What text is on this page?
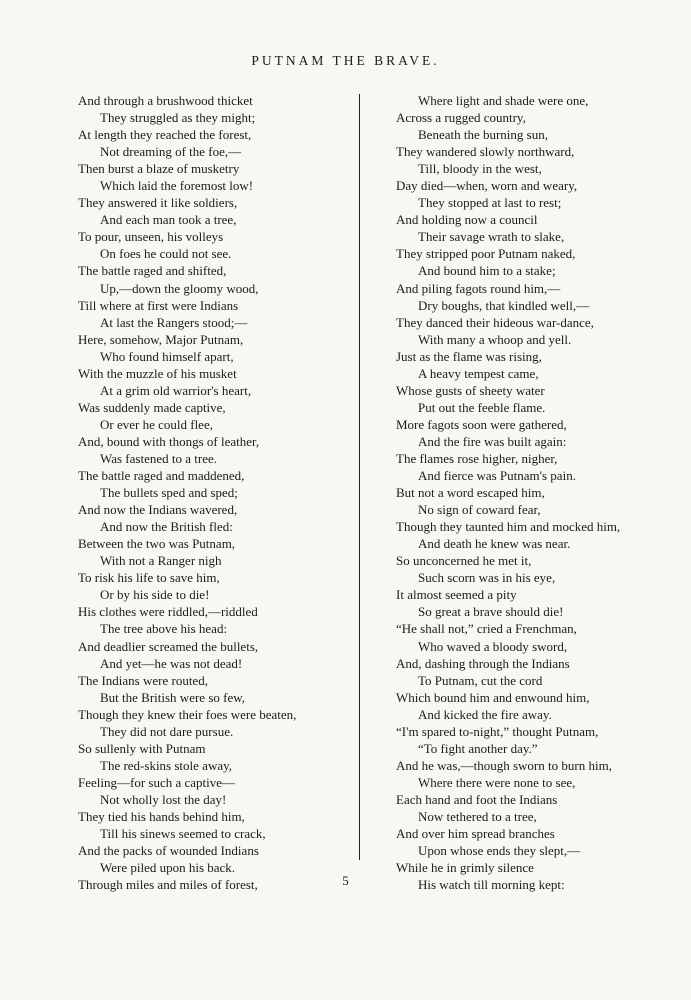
PUTNAM THE BRAVE.
And through a brushwood thicket
They struggled as they might;
At length they reached the forest,
Not dreaming of the foe,—
Then burst a blaze of musketry
Which laid the foremost low!
They answered it like soldiers,
And each man took a tree,
To pour, unseen, his volleys
On foes he could not see.
The battle raged and shifted,
Up,—down the gloomy wood,
Till where at first were Indians
At last the Rangers stood;—
Here, somehow, Major Putnam,
Who found himself apart,
With the muzzle of his musket
At a grim old warrior's heart,
Was suddenly made captive,
Or ever he could flee,
And, bound with thongs of leather,
Was fastened to a tree.
The battle raged and maddened,
The bullets sped and sped;
And now the Indians wavered,
And now the British fled:
Between the two was Putnam,
With not a Ranger nigh
To risk his life to save him,
Or by his side to die!
His clothes were riddled,—riddled
The tree above his head:
And deadlier screamed the bullets,
And yet—he was not dead!
The Indians were routed,
But the British were so few,
Though they knew their foes were beaten,
They did not dare pursue.
So sullenly with Putnam
The red-skins stole away,
Feeling—for such a captive—
Not wholly lost the day!
They tied his hands behind him,
Till his sinews seemed to crack,
And the packs of wounded Indians
Were piled upon his back.
Through miles and miles of forest,
Where light and shade were one,
Across a rugged country,
Beneath the burning sun,
They wandered slowly northward,
Till, bloody in the west,
Day died—when, worn and weary,
They stopped at last to rest;
And holding now a council
Their savage wrath to slake,
They stripped poor Putnam naked,
And bound him to a stake;
And piling fagots round him,—
Dry boughs, that kindled well,—
They danced their hideous war-dance,
With many a whoop and yell.
Just as the flame was rising,
A heavy tempest came,
Whose gusts of sheety water
Put out the feeble flame.
More fagots soon were gathered,
And the fire was built again:
The flames rose higher, nigher,
And fierce was Putnam's pain.
But not a word escaped him,
No sign of coward fear,
Though they taunted him and mocked him,
And death he knew was near.
So unconcerned he met it,
Such scorn was in his eye,
It almost seemed a pity
So great a brave should die!
“He shall not,” cried a Frenchman,
Who waved a bloody sword,
And, dashing through the Indians
To Putnam, cut the cord
Which bound him and enwound him,
And kicked the fire away.
“I'm spared to-night,” thought Putnam,
“To fight another day.”
And he was,—though sworn to burn him,
Where there were none to see,
Each hand and foot the Indians
Now tethered to a tree,
And over him spread branches
Upon whose ends they slept,—
While he in grimly silence
His watch till morning kept:
5
